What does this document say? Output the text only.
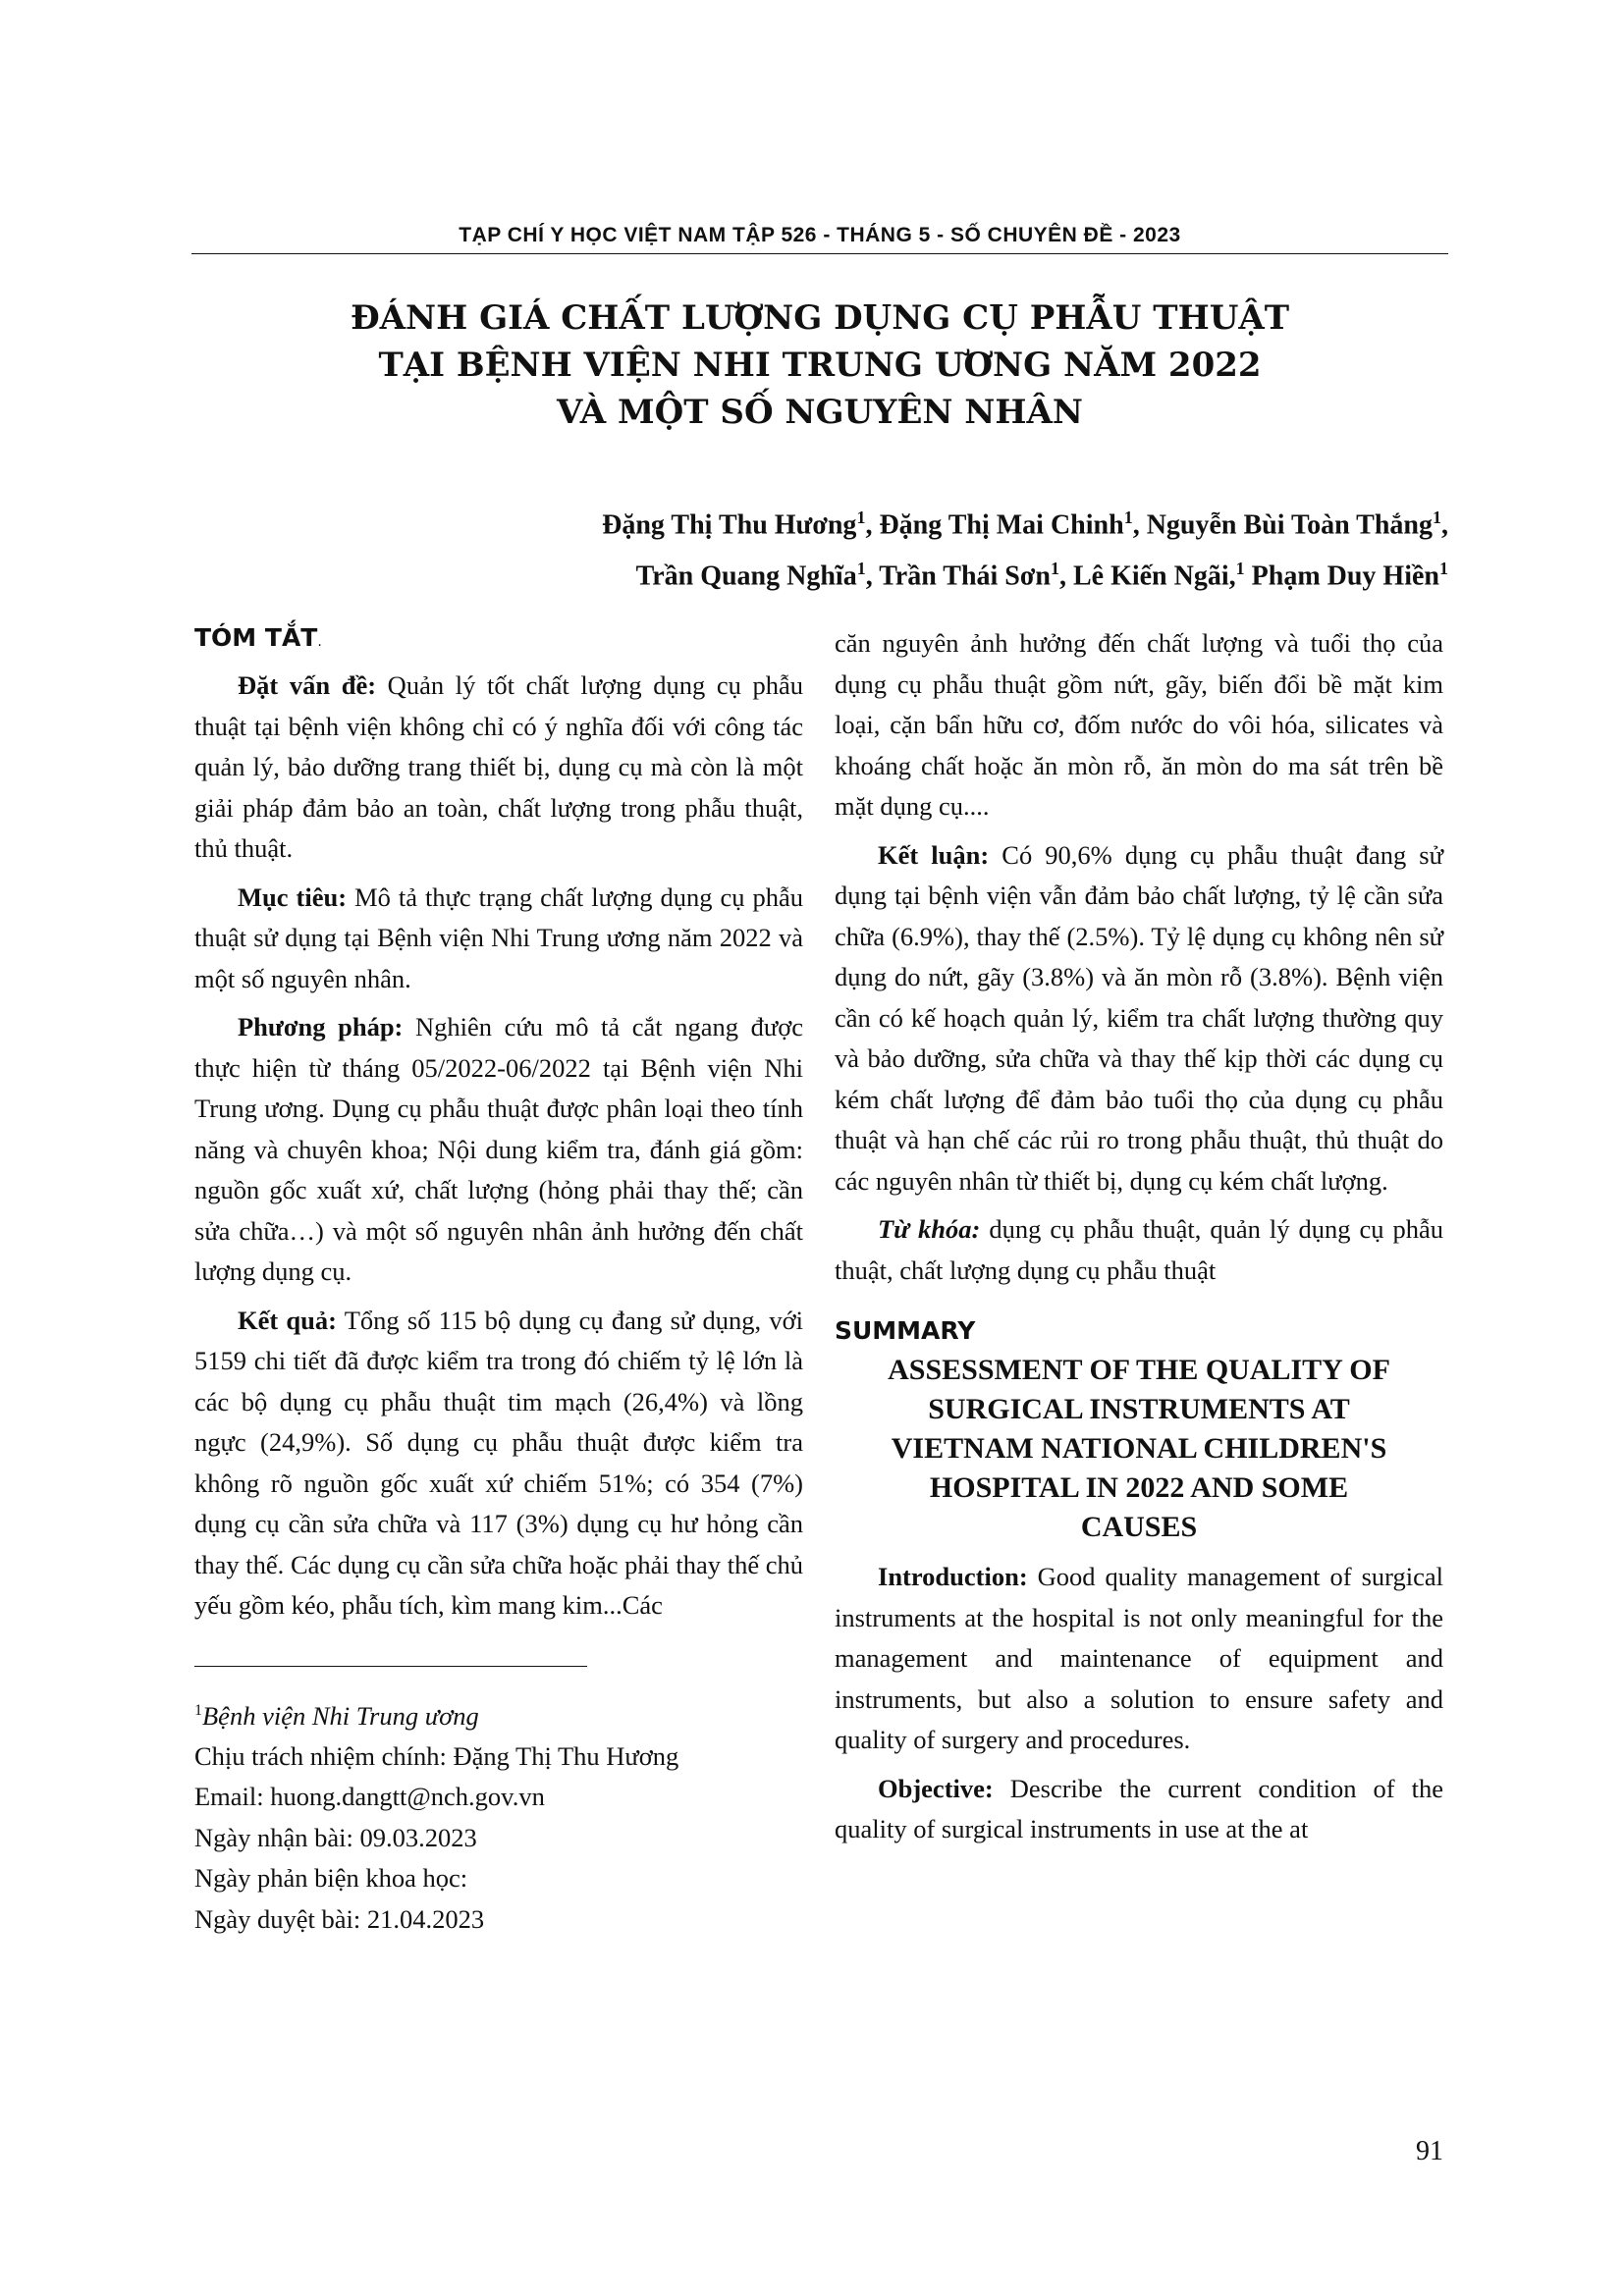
TẠP CHÍ Y HỌC VIỆT NAM TẬP 526 - THÁNG 5 - SỐ CHUYÊN ĐỀ - 2023
ĐÁNH GIÁ CHẤT LƯỢNG DỤNG CỤ PHẪU THUẬT
TẠI BỆNH VIỆN NHI TRUNG ƯƠNG NĂM 2022
VÀ MỘT SỐ NGUYÊN NHÂN
Đặng Thị Thu Hương$^1$, Đặng Thị Mai Chinh$^1$, Nguyễn Bùi Toàn Thắng$^1$,
Trần Quang Nghĩa$^1$, Trần Thái Sơn$^1$, Lê Kiến Ngãi,$^1$ Phạm Duy Hiền$^1$
TÓM TẮT.

Đặt vấn đề: Quản lý tốt chất lượng dụng cụ phẫu thuật tại bệnh viện không chỉ có ý nghĩa đối với công tác quản lý, bảo dưỡng trang thiết bị, dụng cụ mà còn là một giải pháp đảm bảo an toàn, chất lượng trong phẫu thuật, thủ thuật.

Mục tiêu: Mô tả thực trạng chất lượng dụng cụ phẫu thuật sử dụng tại Bệnh viện Nhi Trung ương năm 2022 và một số nguyên nhân.

Phương pháp: Nghiên cứu mô tả cắt ngang được thực hiện từ tháng 05/2022-06/2022 tại Bệnh viện Nhi Trung ương. Dụng cụ phẫu thuật được phân loại theo tính năng và chuyên khoa; Nội dung kiểm tra, đánh giá gồm: nguồn gốc xuất xứ, chất lượng (hỏng phải thay thế; cần sửa chữa…) và một số nguyên nhân ảnh hưởng đến chất lượng dụng cụ.

Kết quả: Tổng số 115 bộ dụng cụ đang sử dụng, với 5159 chi tiết đã được kiểm tra trong đó chiếm tỷ lệ lớn là các bộ dụng cụ phẫu thuật tim mạch (26,4%) và lồng ngực (24,9%). Số dụng cụ phẫu thuật được kiểm tra không rõ nguồn gốc xuất xứ chiếm 51%; có 354 (7%) dụng cụ cần sửa chữa và 117 (3%) dụng cụ hư hỏng cần thay thế. Các dụng cụ cần sửa chữa hoặc phải thay thế chủ yếu gồm kéo, phẫu tích, kìm mang kim...Các

$^1$Bệnh viện Nhi Trung ương
Chịu trách nhiệm chính: Đặng Thị Thu Hương
Email: huong.dangtt@nch.gov.vn
Ngày nhận bài: 09.03.2023
Ngày phản biện khoa học:
Ngày duyệt bài: 21.04.2023

căn nguyên ảnh hưởng đến chất lượng và tuổi thọ của dụng cụ phẫu thuật gồm nứt, gãy, biến đổi bề mặt kim loại, cặn bẩn hữu cơ, đốm nước do vôi hóa, silicates và khoáng chất hoặc ăn mòn rỗ, ăn mòn do ma sát trên bề mặt dụng cụ....

Kết luận: Có 90,6% dụng cụ phẫu thuật đang sử dụng tại bệnh viện vẫn đảm bảo chất lượng, tỷ lệ cần sửa chữa (6.9%), thay thế (2.5%). Tỷ lệ dụng cụ không nên sử dụng do nứt, gãy (3.8%) và ăn mòn rỗ (3.8%). Bệnh viện cần có kế hoạch quản lý, kiểm tra chất lượng thường quy và bảo dưỡng, sửa chữa và thay thế kịp thời các dụng cụ kém chất lượng để đảm bảo tuổi thọ của dụng cụ phẫu thuật và hạn chế các rủi ro trong phẫu thuật, thủ thuật do các nguyên nhân từ thiết bị, dụng cụ kém chất lượng.

Từ khóa: dụng cụ phẫu thuật, quản lý dụng cụ phẫu thuật, chất lượng dụng cụ phẫu thuật

SUMMARY
ASSESSMENT OF THE QUALITY OF
SURGICAL INSTRUMENTS AT
VIETNAM NATIONAL CHILDREN'S
HOSPITAL IN 2022 AND SOME
CAUSES

Introduction: Good quality management of surgical instruments at the hospital is not only meaningful for the management and maintenance of equipment and instruments, but also a solution to ensure safety and quality of surgery and procedures.

Objective: Describe the current condition of the quality of surgical instruments in use at the at

91
